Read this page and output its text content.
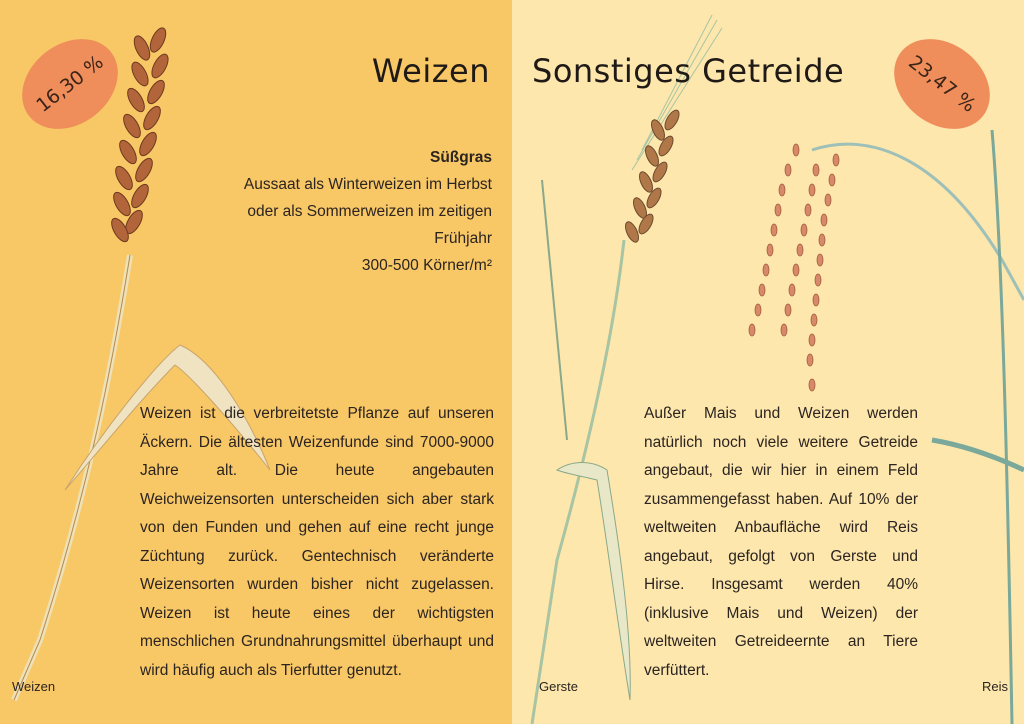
16,30 %	Weizen
Süßgras
Aussaat als Winterweizen im Herbst
oder als Sommerweizen im zeitigen
Frühjahr
300-500 Körner/m²
Weizen ist die verbreitetste Pflanze auf unseren Äckern. Die ältesten Weizenfunde sind 7000-9000 Jahre alt. Die heute angebauten Weichweizensorten unterscheiden sich aber stark von den Funden und gehen auf eine recht junge Züchtung zurück. Gentechnisch veränderte Weizensorten wurden bisher nicht zugelassen. Weizen ist heute eines der wichtigsten menschlichen Grundnahrungsmittel überhaupt und wird häufig auch als Tierfutter genutzt.
Weizen
Sonstiges Getreide	23,47 %
Außer Mais und Weizen werden natürlich noch viele weitere Getreide angebaut, die wir hier in einem Feld zusammengefasst haben. Auf 10% der weltweiten Anbaufläche wird Reis angebaut, gefolgt von Gerste und Hirse. Insgesamt werden 40% (inklusive Mais und Weizen) der weltweiten Getreideernte an Tiere verfüttert.
Gerste	Reis
